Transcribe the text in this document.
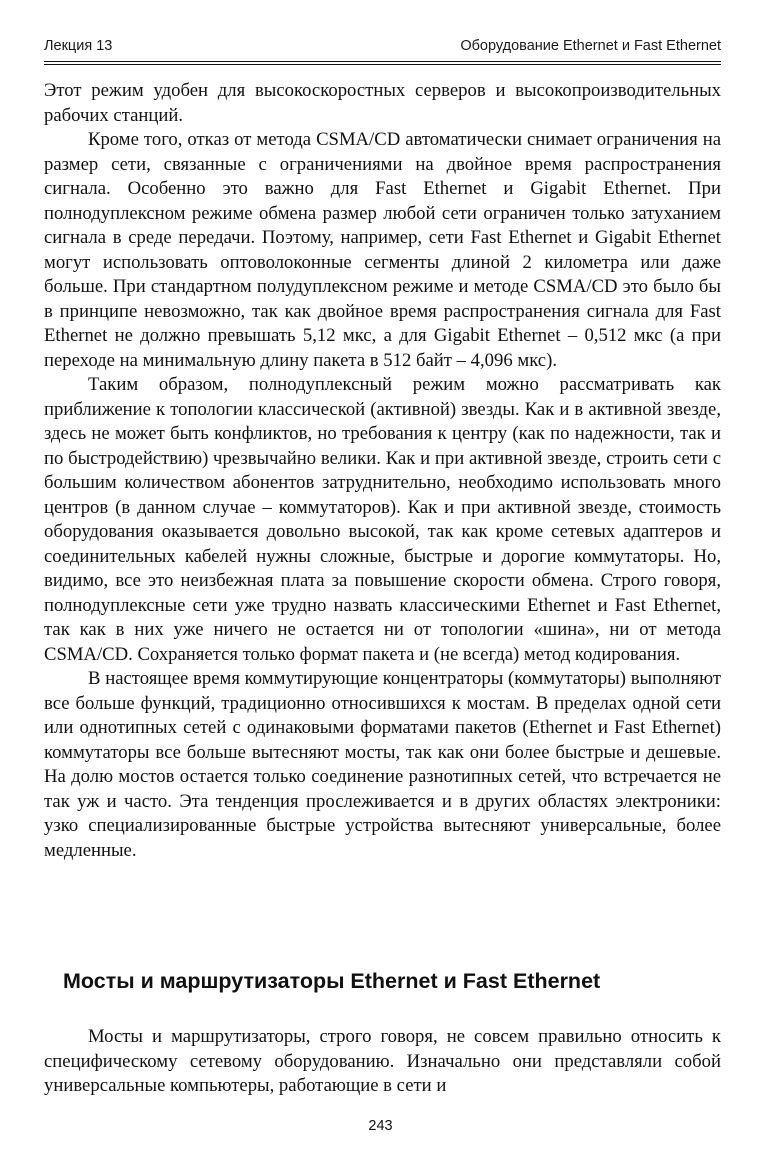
Лекция 13	Оборудование Ethernet и Fast Ethernet

Этот режим удобен для высокоскоростных серверов и высокопроизводительных рабочих станций.

Кроме того, отказ от метода CSMA/CD автоматически снимает ограничения на размер сети, связанные с ограничениями на двойное время распространения сигнала. Особенно это важно для Fast Ethernet и Gigabit Ethernet. При полнодуплексном режиме обмена размер любой сети ограничен только затуханием сигнала в среде передачи. Поэтому, например, сети Fast Ethernet и Gigabit Ethernet могут использовать оптоволоконные сегменты длиной 2 километра или даже больше. При стандартном полудуплексном режиме и методе CSMA/CD это было бы в принципе невозможно, так как двойное время распространения сигнала для Fast Ethernet не должно превышать 5,12 мкс, а для Gigabit Ethernet – 0,512 мкс (а при переходе на минимальную длину пакета в 512 байт – 4,096 мкс).

Таким образом, полнодуплексный режим можно рассматривать как приближение к топологии классической (активной) звезды. Как и в активной звезде, здесь не может быть конфликтов, но требования к центру (как по надежности, так и по быстродействию) чрезвычайно велики. Как и при активной звезде, строить сети с большим количеством абонентов затруднительно, необходимо использовать много центров (в данном случае – коммутаторов). Как и при активной звезде, стоимость оборудования оказывается довольно высокой, так как кроме сетевых адаптеров и соединительных кабелей нужны сложные, быстрые и дорогие коммутаторы. Но, видимо, все это неизбежная плата за повышение скорости обмена. Строго говоря, полнодуплексные сети уже трудно назвать классическими Ethernet и Fast Ethernet, так как в них уже ничего не остается ни от топологии «шина», ни от метода CSMA/CD. Сохраняется только формат пакета и (не всегда) метод кодирования.

В настоящее время коммутирующие концентраторы (коммутаторы) выполняют все больше функций, традиционно относившихся к мостам. В пределах одной сети или однотипных сетей с одинаковыми форматами пакетов (Ethernet и Fast Ethernet) коммутаторы все больше вытесняют мосты, так как они более быстрые и дешевые. На долю мостов остается только соединение разнотипных сетей, что встречается не так уж и часто. Эта тенденция прослеживается и в других областях электроники: узко специализированные быстрые устройства вытесняют универсальные, более медленные.

Мосты и маршрутизаторы Ethernet и Fast Ethernet

Мосты и маршрутизаторы, строго говоря, не совсем правильно относить к специфическому сетевому оборудованию. Изначально они представляли собой универсальные компьютеры, работающие в сети и

243
